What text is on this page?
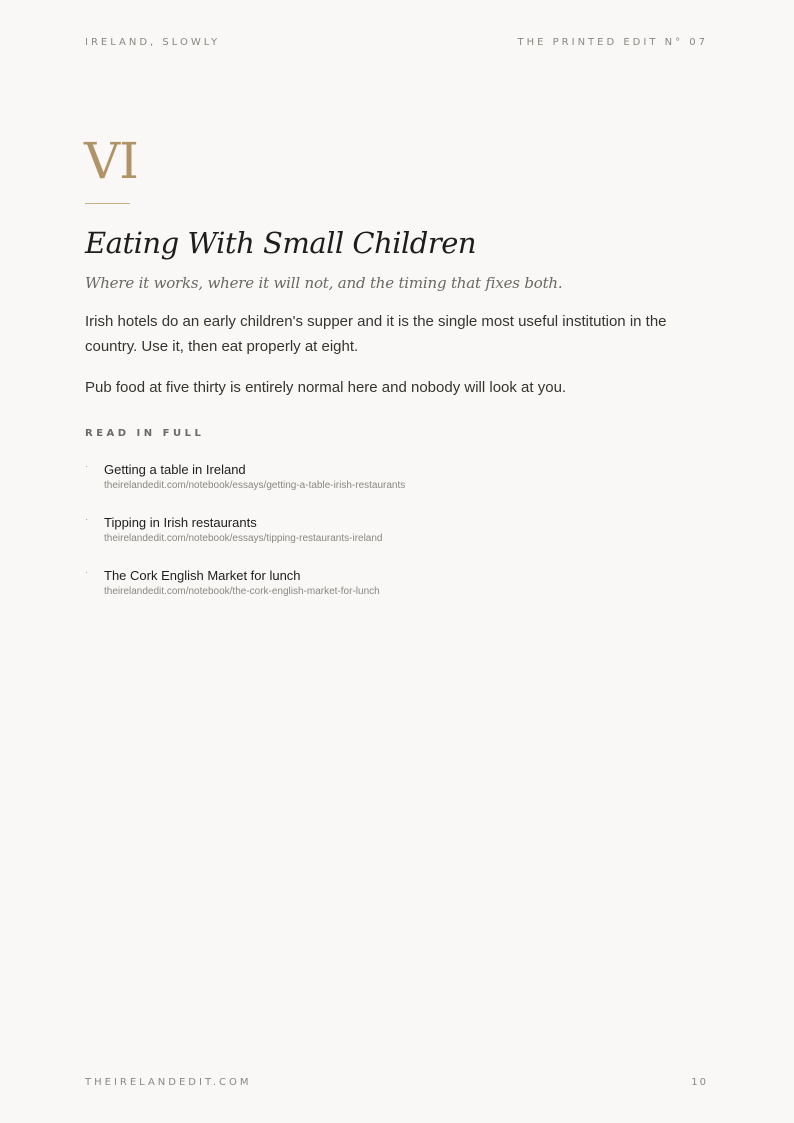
IRELAND, SLOWLY	THE PRINTED EDIT N° 07
VI
Eating With Small Children

Where it works, where it will not, and the timing that fixes both.

Irish hotels do an early children's supper and it is the single most useful institution in the country. Use it, then eat properly at eight.

Pub food at five thirty is entirely normal here and nobody will look at you.

READ IN FULL
· Getting a table in Ireland
theirelandedit.com/notebook/essays/getting-a-table-irish-restaurants
· Tipping in Irish restaurants
theirelandedit.com/notebook/essays/tipping-restaurants-ireland
· The Cork English Market for lunch
theirelandedit.com/notebook/the-cork-english-market-for-lunch
THEIRELANDEDIT.COM	10
